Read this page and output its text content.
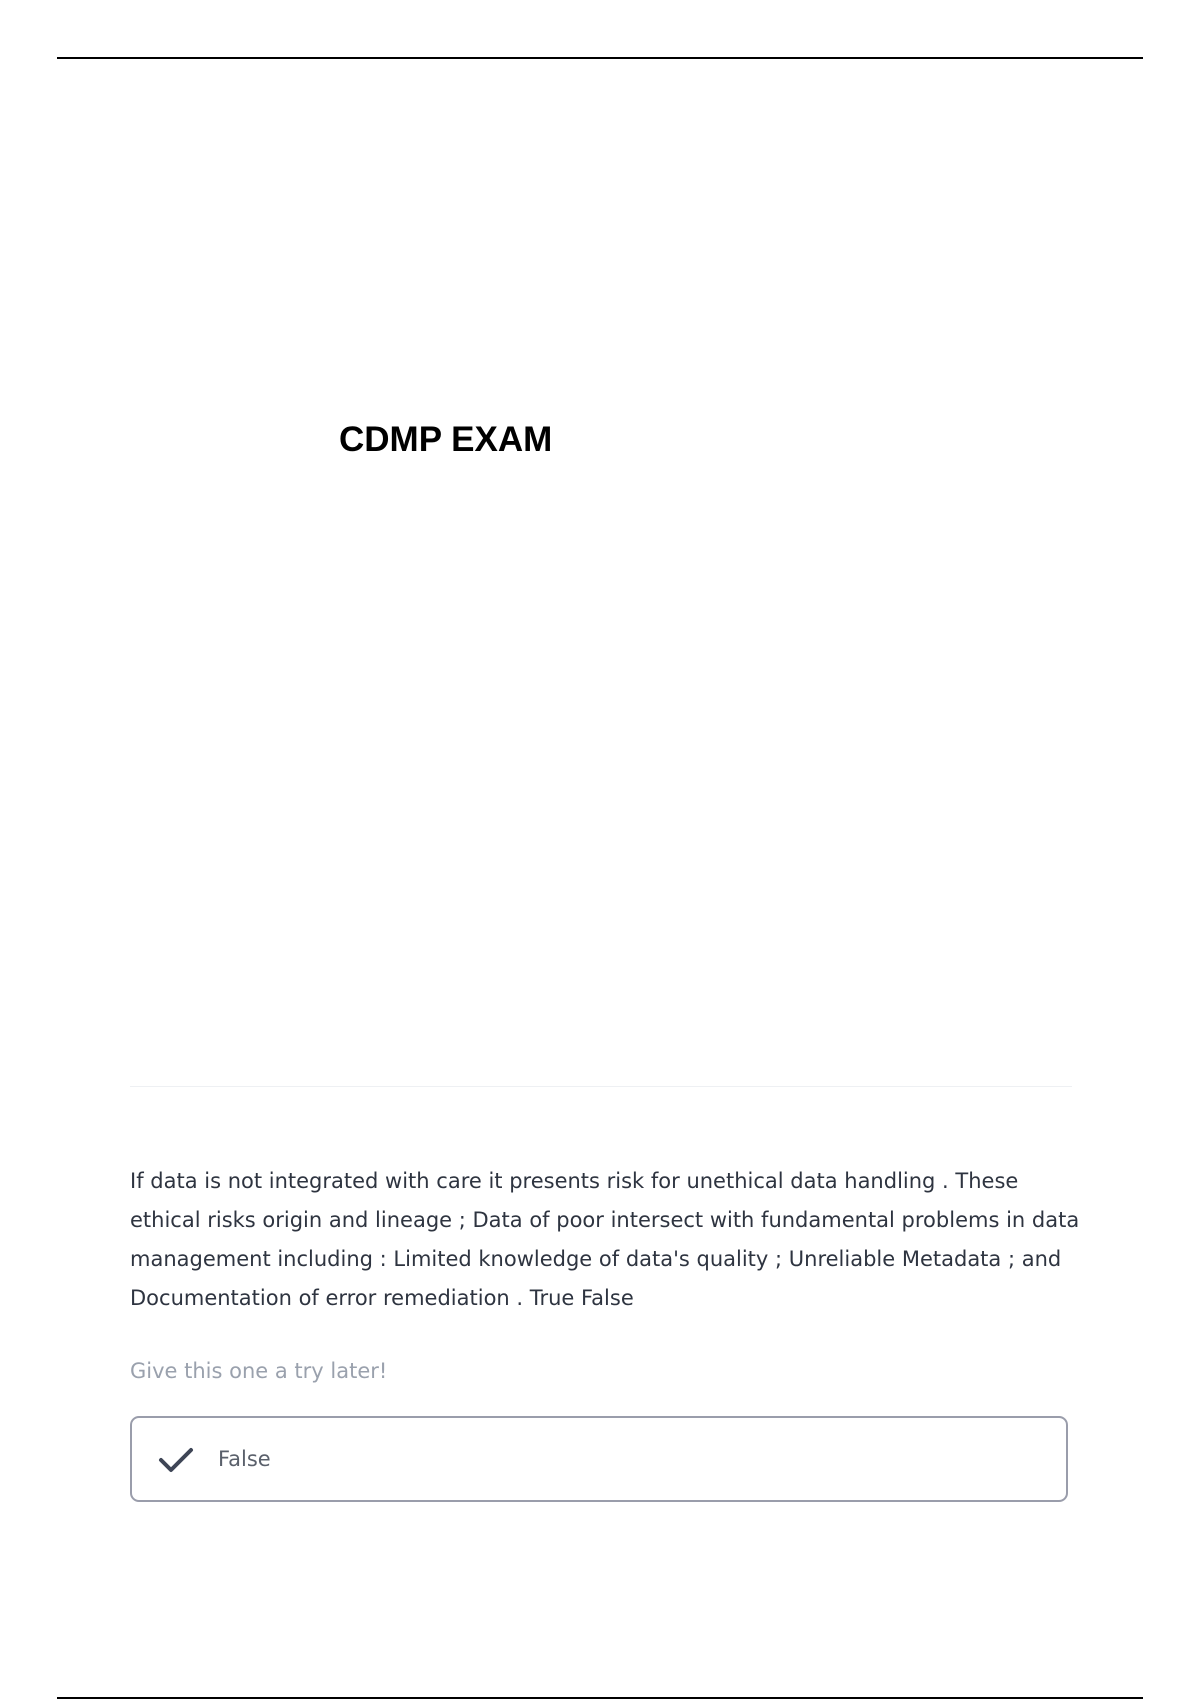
CDMP EXAM

If data is not integrated with care it presents risk for unethical data handling . These ethical risks origin and lineage ; Data of poor intersect with fundamental problems in data management including : Limited knowledge of data's quality ; Unreliable Metadata ; and Documentation of error remediation . True False

Give this one a try later!

False
